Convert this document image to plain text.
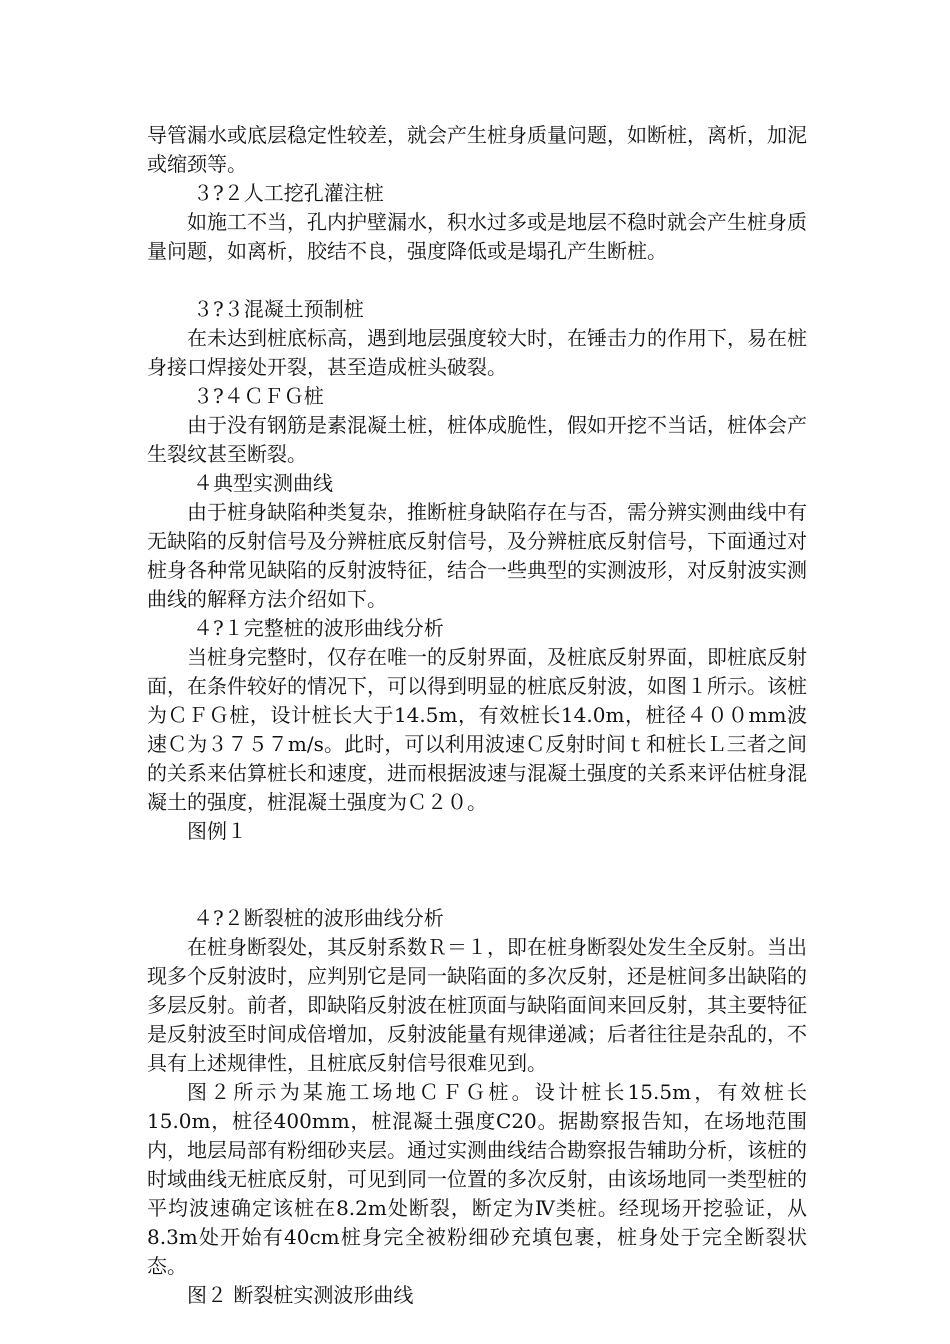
导管漏水或底层稳定性较差，就会产生桩身质量问题，如断桩，离析，加泥或缩颈等。

３?２人工挖孔灌注桩

如施工不当，孔内护壁漏水，积水过多或是地层不稳时就会产生桩身质量问题，如离析，胶结不良，强度降低或是塌孔产生断桩。

３?３混凝土预制桩

在未达到桩底标高，遇到地层强度较大时，在锤击力的作用下，易在桩身接口焊接处开裂，甚至造成桩头破裂。

３?４ＣＦＧ桩

由于没有钢筋是素混凝土桩，桩体成脆性，假如开挖不当话，桩体会产生裂纹甚至断裂。

４典型实测曲线

由于桩身缺陷种类复杂，推断桩身缺陷存在与否，需分辨实测曲线中有无缺陷的反射信号及分辨桩底反射信号，及分辨桩底反射信号，下面通过对桩身各种常见缺陷的反射波特征，结合一些典型的实测波形，对反射波实测曲线的解释方法介绍如下。

４?１完整桩的波形曲线分析

当桩身完整时，仅存在唯一的反射界面，及桩底反射界面，即桩底反射面，在条件较好的情况下，可以得到明显的桩底反射波，如图１所示。该桩为ＣＦＧ桩，设计桩长大于14.5m，有效桩长14.0m，桩径４００mm波速Ｃ为３７５７m/s。此时，可以利用波速Ｃ反射时间ｔ和桩长Ｌ三者之间的关系来估算桩长和速度，进而根据波速与混凝土强度的关系来评估桩身混凝土的强度，桩混凝土强度为Ｃ２０。

图例１

４?２断裂桩的波形曲线分析

在桩身断裂处，其反射系数Ｒ＝１，即在桩身断裂处发生全反射。当出现多个反射波时，应判别它是同一缺陷面的多次反射，还是桩间多出缺陷的多层反射。前者，即缺陷反射波在桩顶面与缺陷面间来回反射，其主要特征是反射波至时间成倍增加，反射波能量有规律递减；后者往往是杂乱的，不具有上述规律性，且桩底反射信号很难见到。

图２所示为某施工场地ＣＦＧ桩。设计桩长15.5m，有效桩长15.0m，桩径400mm，桩混凝土强度C20。据勘察报告知，在场地范围内，地层局部有粉细砂夹层。通过实测曲线结合勘察报告辅助分析，该桩的时域曲线无桩底反射，可见到同一位置的多次反射，由该场地同一类型桩的平均波速确定该桩在8.2m处断裂，断定为Ⅳ类桩。经现场开挖验证，从8.3m处开始有40cm桩身完全被粉细砂充填包裹，桩身处于完全断裂状态。

图２ 断裂桩实测波形曲线
